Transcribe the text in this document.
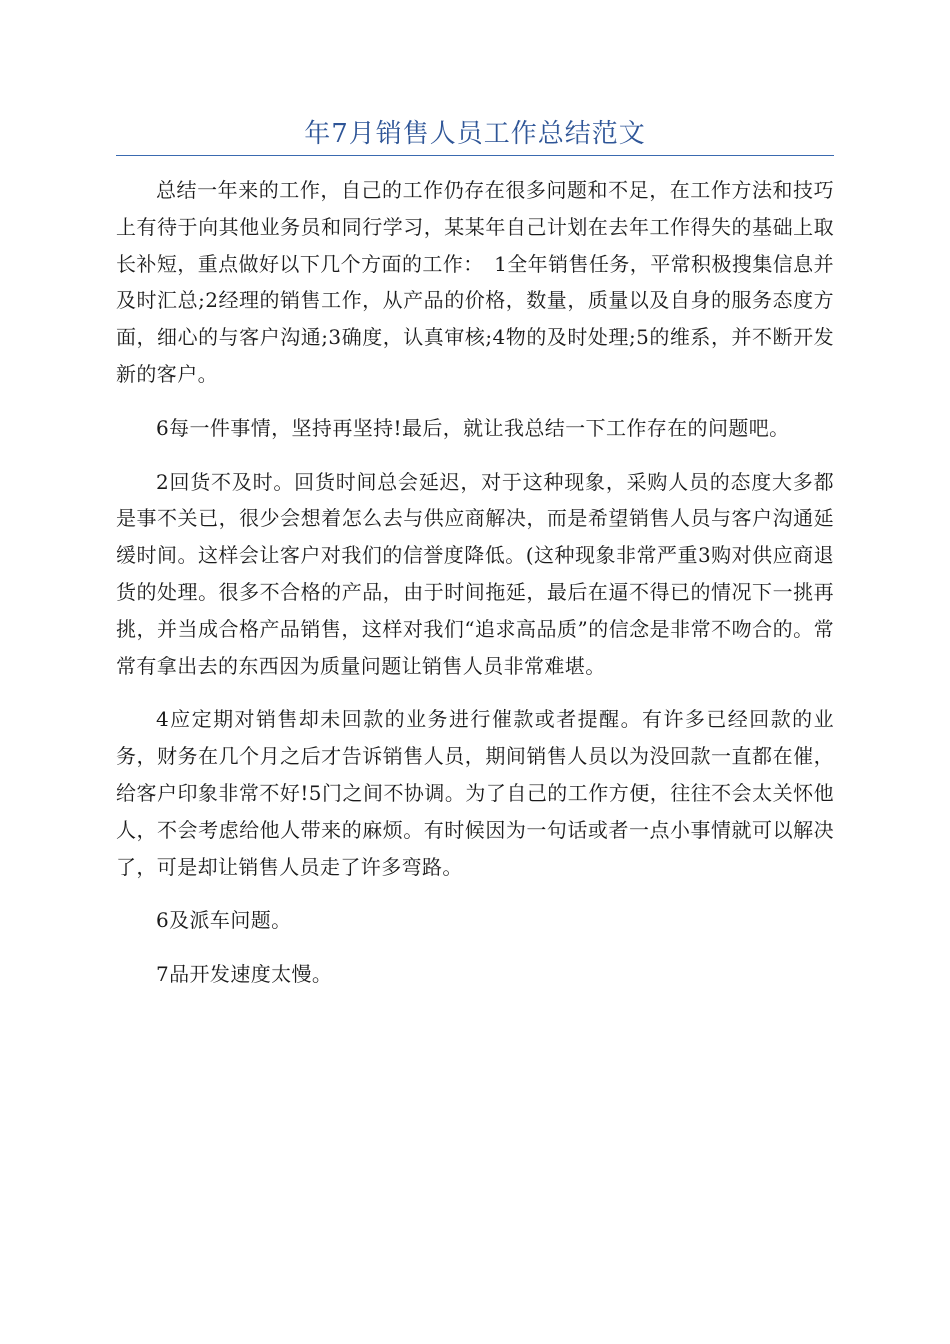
年7月销售人员工作总结范文

总结一年来的工作，自己的工作仍存在很多问题和不足，在工作方法和技巧上有待于向其他业务员和同行学习，某某年自己计划在去年工作得失的基础上取长补短，重点做好以下几个方面的工作：　1全年销售任务，平常积极搜集信息并及时汇总;2经理的销售工作，从产品的价格，数量，质量以及自身的服务态度方面，细心的与客户沟通;3确度，认真审核;4物的及时处理;5的维系，并不断开发新的客户。

6每一件事情，坚持再坚持!最后，就让我总结一下工作存在的问题吧。

2回货不及时。回货时间总会延迟，对于这种现象，采购人员的态度大多都是事不关已，很少会想着怎么去与供应商解决，而是希望销售人员与客户沟通延缓时间。这样会让客户对我们的信誉度降低。(这种现象非常严重3购对供应商退货的处理。很多不合格的产品，由于时间拖延，最后在逼不得已的情况下一挑再挑，并当成合格产品销售，这样对我们“追求高品质”的信念是非常不吻合的。常常有拿出去的东西因为质量问题让销售人员非常难堪。

4应定期对销售却未回款的业务进行催款或者提醒。有许多已经回款的业务，财务在几个月之后才告诉销售人员，期间销售人员以为没回款一直都在催，给客户印象非常不好!5门之间不协调。为了自己的工作方便，往往不会太关怀他人，不会考虑给他人带来的麻烦。有时候因为一句话或者一点小事情就可以解决了，可是却让销售人员走了许多弯路。

6及派车问题。

7品开发速度太慢。
